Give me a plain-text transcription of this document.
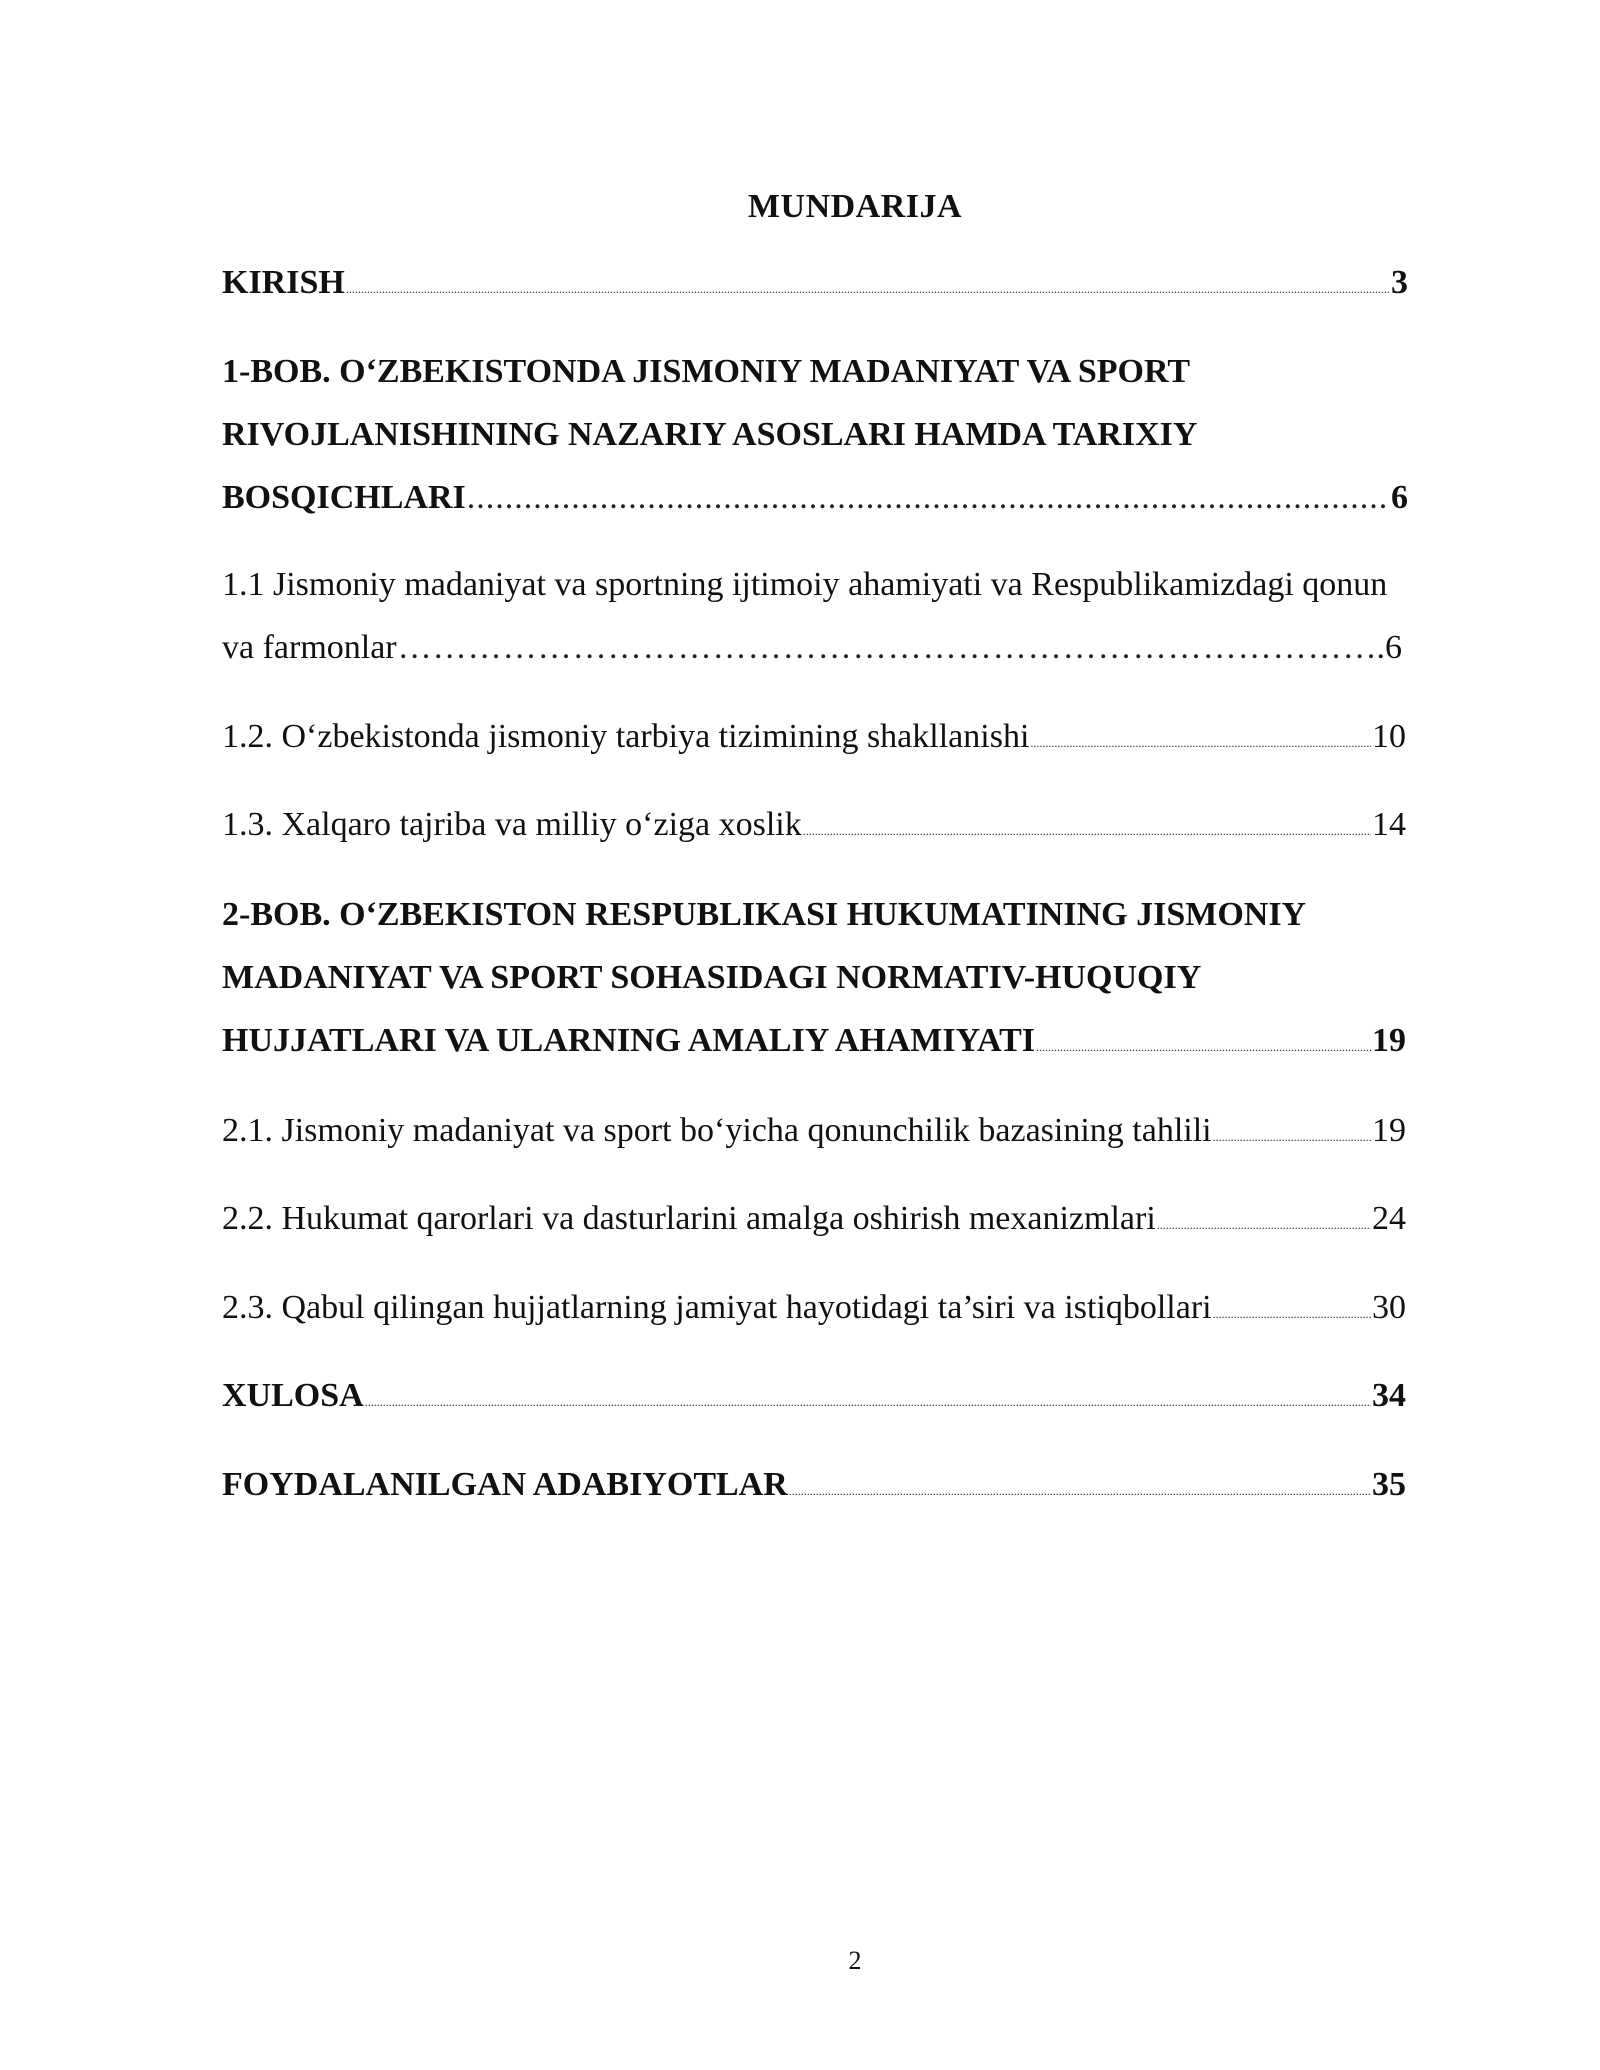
MUNDARIJA
KIRISH .....	3
1-BOB. O‘ZBEKISTONDA JISMONIY MADANIYAT VA SPORT
RIVOJLANISHINING NAZARIY ASOSLARI HAMDA TARIXIY
BOSQICHLARI .....	6
1.1 Jismoniy madaniyat va sportning ijtimoiy ahamiyati va Respublikamizdagi qonun
va farmonlar ……………………………………………………………………………………………………………………………………………	.6
1.2. O‘zbekistonda jismoniy tarbiya tizimining shakllanishi .....	10
1.3. Xalqaro tajriba va milliy o‘ziga xoslik .....	14
2-BOB. O‘ZBEKISTON RESPUBLIKASI HUKUMATINING JISMONIY
MADANIYAT VA SPORT SOHASIDAGI NORMATIV-HUQUQIY
HUJJATLARI VA ULARNING AMALIY AHAMIYATI .....	19
2.1. Jismoniy madaniyat va sport bo‘yicha qonunchilik bazasining tahlili .....	19
2.2. Hukumat qarorlari va dasturlarini amalga oshirish mexanizmlari .....	24
2.3. Qabul qilingan hujjatlarning jamiyat hayotidagi ta’siri va istiqbollari .....	30
XULOSA .....	34
FOYDALANILGAN ADABIYOTLAR .....	35
2
